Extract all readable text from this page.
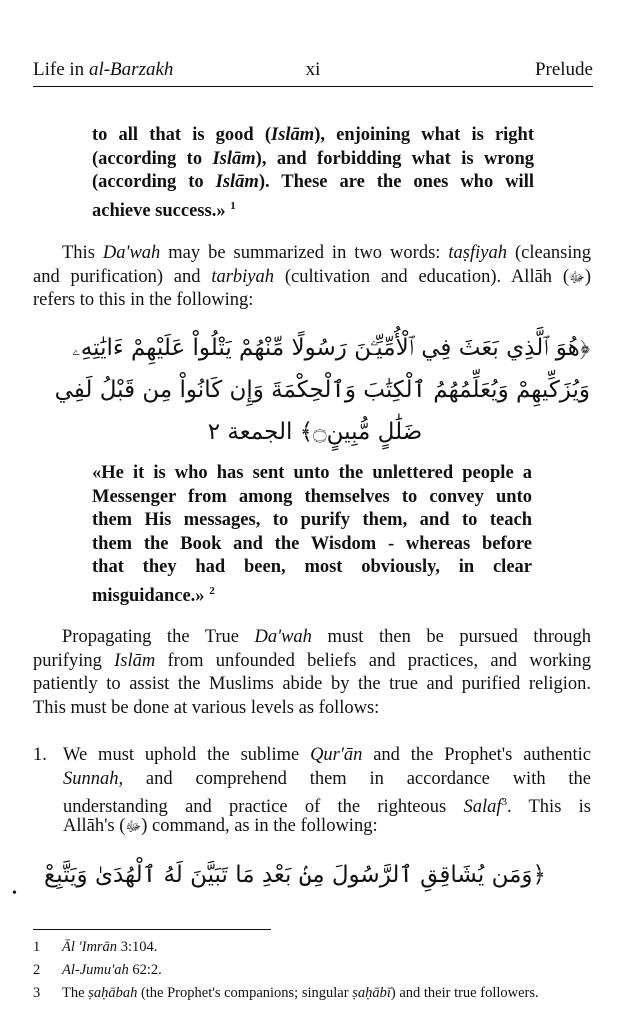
Life in al-Barzakh	xi	Prelude
to all that is good (Islām), enjoining what is right
(according to Islām), and forbidding what is wrong
(according to Islām). These are the ones who will
achieve success.» $^1$
This Da'wah may be summarized in two words: taṣfiyah (cleansing
and purification) and tarbiyah (cultivation and education). Allāh (ﷻ)
refers to this in the following:
﴿هُوَ ٱلَّذِي بَعَثَ فِي ٱلْأُمِّيِّـۧنَ رَسُولًا مِّنْهُمْ يَتْلُواْ عَلَيْهِمْ ءَايَٰتِهِۦ
وَيُزَكِّيهِمْ وَيُعَلِّمُهُمُ ٱلْكِتَٰبَ وَٱلْحِكْمَةَ وَإِن كَانُواْ مِن قَبْلُ لَفِي
ضَلَٰلٍ مُّبِينٍ۝﴾ الجمعة ٢
«He it is who has sent unto the unlettered people a
Messenger from among themselves to convey unto
them His messages, to purify them, and to teach
them the Book and the Wisdom - whereas before
that they had been, most obviously, in clear
misguidance.» $^2$
Propagating the True Da'wah must then be pursued through
purifying Islām from unfounded beliefs and practices, and working
patiently to assist the Muslims abide by the true and purified religion.
This must be done at various levels as follows:
1. We must uphold the sublime Qur'ān and the Prophet's authentic
Sunnah, and comprehend them in accordance with the
understanding and practice of the righteous Salaf$^3$. This is
Allāh's (ﷻ) command, as in the following:
﴿وَمَن يُشَاقِقِ ٱلرَّسُولَ مِنۢ بَعْدِ مَا تَبَيَّنَ لَهُ ٱلْهُدَىٰ وَيَتَّبِعْ
•
1 Āl 'Imrān 3:104.
2 Al-Jumu'ah 62:2.
3 The ṣaḥābah (the Prophet's companions; singular ṣaḥābī) and their true followers.
